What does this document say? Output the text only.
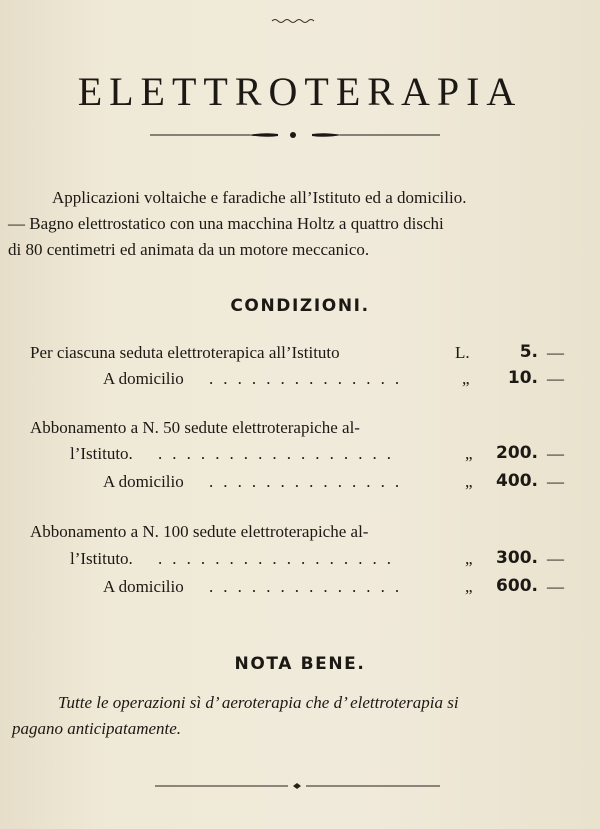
ELETTROTERAPIA
Applicazioni voltaiche e faradiche all’Istituto ed a domicilio.
— Bagno elettrostatico con una macchina Holtz a quattro dischi
di 80 centimetri ed animata da un motore meccanico.
CONDIZIONI.
Per ciascuna seduta elettroterapica all’Istituto	L.	5. —
A domicilio . . . . . . . . . . . . . .	„ 10. —
Abbonamento a N. 50 sedute elettroterapiche al-
l’Istituto. . . . . . . . . . . . . . . . . .	„ 200. —
A domicilio . . . . . . . . . . . . . .	„ 400. —
Abbonamento a N. 100 sedute elettroterapiche al-
l’Istituto. . . . . . . . . . . . . . . . . .	„ 300. —
A domicilio . . . . . . . . . . . . . .	„ 600. —
NOTA BENE.
Tutte le operazioni sì d’ aeroterapia che d’ elettroterapia si
pagano anticipatamente.
